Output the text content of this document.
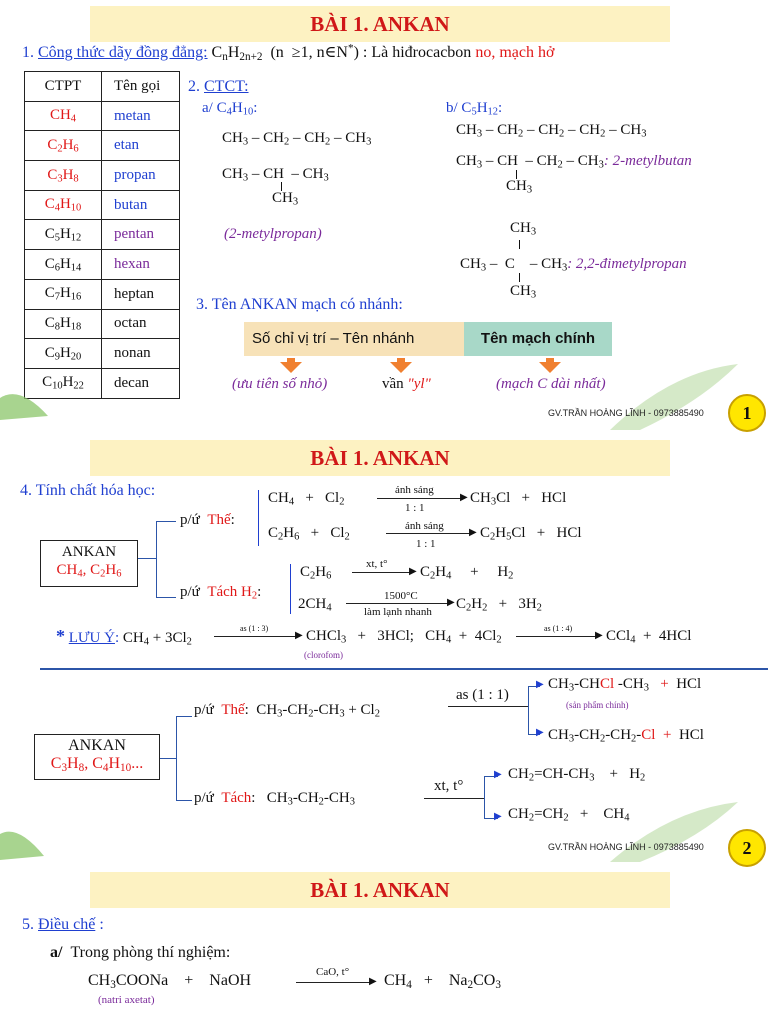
BÀI 1. ANKAN
1. Công thức dãy đồng đẳng: $C_nH_{2n+2}$  (n  ≥1, n∈N*) : Là hiđrocacbon no, mạch hở
CTPT	Tên gọi
$CH_4$	metan
$C_2H_6$	etan
$C_3H_8$	propan
$C_4H_{10}$	butan
$C_5H_{12}$	pentan
$C_6H_{14}$	hexan
$C_7H_{16}$	heptan
$C_8H_{18}$	octan
$C_9H_{20}$	nonan
$C_{10}H_{22}$	decan
2. CTCT:
a/ $C_4H_{10}$:
$CH_3 - CH_2 - CH_2 - CH_3$
$CH_3$ – CH  – $CH_3$
$CH_3$
(2-metylpropan)
b/ $C_5H_{12}$:
$CH_3 - CH_2 - CH_2 - CH_2 - CH_3$
$CH_3$ – CH  – $CH_2 - CH_3$: 2-metylbutan
$CH_3$
$CH_3$
$CH_3$ –  C    – $CH_3$: 2,2-đimetylpropan
$CH_3$
3. Tên ANKAN mạch có nhánh:
Số chỉ vị trí – Tên nhánh	Tên mạch chính
(ưu tiên số nhỏ)	vần "yl"	(mạch C dài nhất)
GV.TRẦN HOÀNG LĨNH - 0973885490	1
BÀI 1. ANKAN
4. Tính chất hóa học:
ANKAN
$CH_4$, $C_2H_6$
p/ứ Thế:
$CH_4 + Cl_2$
ánh sáng
▶
1 : 1
$CH_3Cl$   +   HCl
$C_2H_6 + Cl_2$
ánh sáng
▶
1 : 1
$C_2H_5Cl$   +   HCl
p/ứ Tách $H_2$:
$C_2H_6$
xt, t°
▶ $C_2H_4$     +     $H_2$
$2CH_4$
1500°C
▶
làm lạnh nhanh $C_2H_2 + 3H_2$
* LƯU Ý: $CH_4 + 3Cl_2$
as (1 : 3)
▶ CHCl$_3$   +   3HCl;   $CH_4 + 4Cl_2$
as (1 : 4)
▶ CCl$_4$  +  4HCl
(clorofom)
ANKAN
$C_3H_8$, $C_4H_{10}$...
p/ứ Thế:  $CH_3-CH_2-CH_3 + Cl_2$
as (1 : 1)
▶
▶
$CH_3$-CHCl $-CH_3$ +  HCl
(sản phẩm chính)
$CH_3-CH_2-CH_2-Cl$ +  HCl
p/ứ Tách:   $CH_3-CH_2-CH_3$
xt, t°
▶
▶
$CH_2=CH-CH_3$    +   $H_2$
$CH_2=CH_2$   +    $CH_4$
GV.TRẦN HOÀNG LĨNH - 0973885490	2
BÀI 1. ANKAN
5. Điều chế :
a/ Trong phòng thí nghiệm:
$CH_3COONa$    +    NaOH	CaO, t°
▶ $CH_4$   +    $Na_2CO_3$
(natri axetat)
